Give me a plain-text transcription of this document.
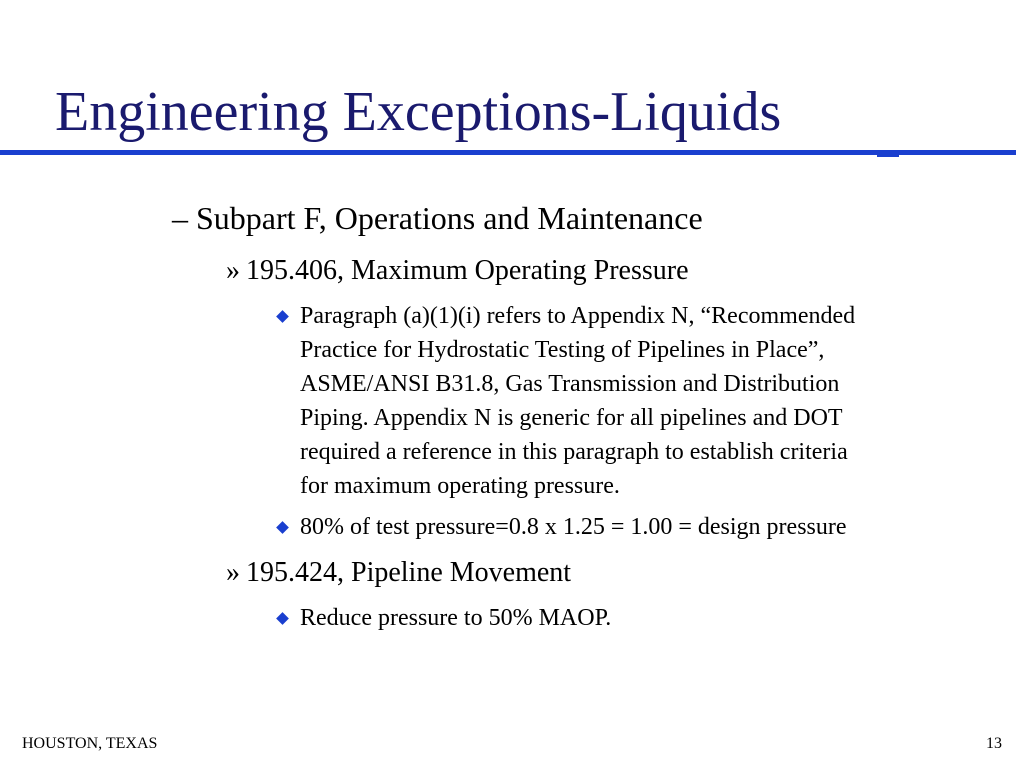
Engineering Exceptions-Liquids
– Subpart F, Operations and Maintenance
» 195.406, Maximum Operating Pressure
Paragraph (a)(1)(i) refers to Appendix N, “Recommended
Practice for Hydrostatic Testing of Pipelines in Place”,
ASME/ANSI B31.8, Gas Transmission and Distribution
Piping. Appendix N is generic for all pipelines and DOT
required a reference in this paragraph to establish criteria
for maximum operating pressure.
80% of test pressure=0.8 x 1.25 = 1.00 = design pressure
» 195.424, Pipeline Movement
Reduce pressure to 50% MAOP.
HOUSTON, TEXAS	13
